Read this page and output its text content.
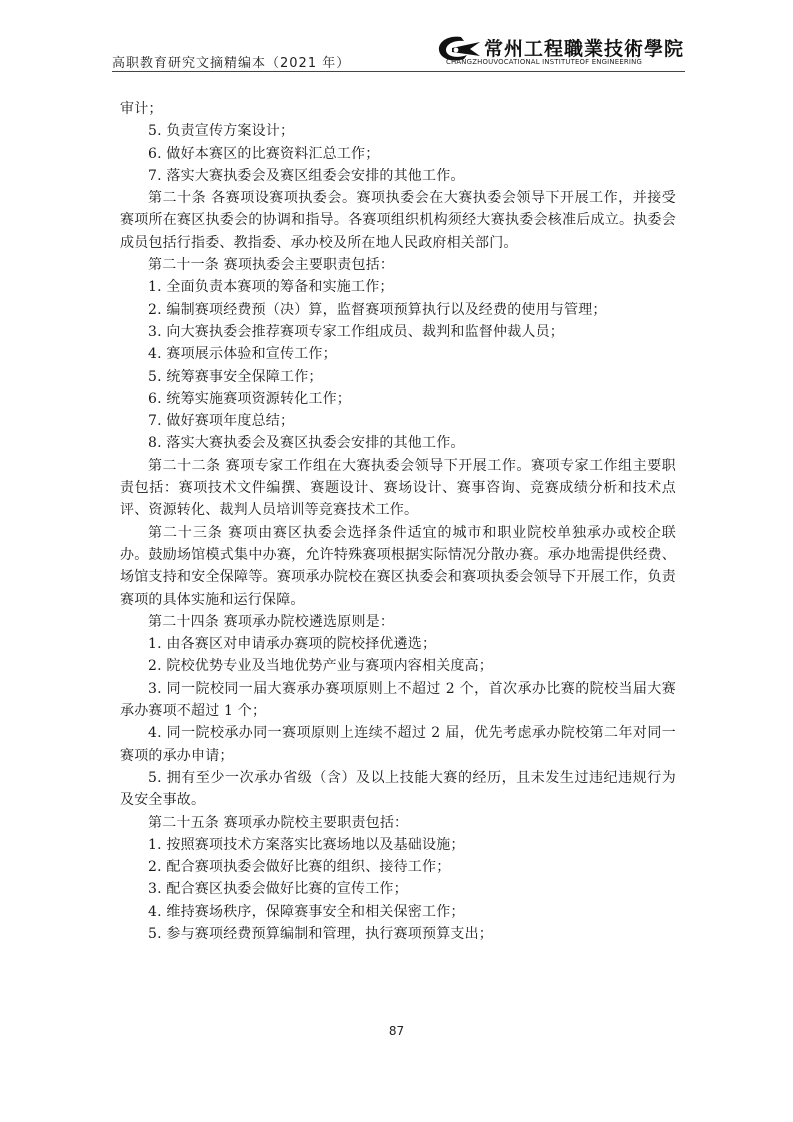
高职教育研究文摘精编本（2021 年）
常州工程職業技術學院
CHANGZHOUVOCATIONAL INSTITUTEOF ENGINEERING

审计；

5. 负责宣传方案设计；

6. 做好本赛区的比赛资料汇总工作；

7. 落实大赛执委会及赛区组委会安排的其他工作。

第二十条 各赛项设赛项执委会。赛项执委会在大赛执委会领导下开展工作，并接受赛项所在赛区执委会的协调和指导。各赛项组织机构须经大赛执委会核准后成立。执委会成员包括行指委、教指委、承办校及所在地人民政府相关部门。

第二十一条 赛项执委会主要职责包括：

1. 全面负责本赛项的筹备和实施工作；

2. 编制赛项经费预（决）算，监督赛项预算执行以及经费的使用与管理；

3. 向大赛执委会推荐赛项专家工作组成员、裁判和监督仲裁人员；

4. 赛项展示体验和宣传工作；

5. 统筹赛事安全保障工作；

6. 统筹实施赛项资源转化工作；

7. 做好赛项年度总结；

8. 落实大赛执委会及赛区执委会安排的其他工作。

第二十二条 赛项专家工作组在大赛执委会领导下开展工作。赛项专家工作组主要职责包括：赛项技术文件编撰、赛题设计、赛场设计、赛事咨询、竞赛成绩分析和技术点评、资源转化、裁判人员培训等竞赛技术工作。

第二十三条 赛项由赛区执委会选择条件适宜的城市和职业院校单独承办或校企联办。鼓励场馆模式集中办赛，允许特殊赛项根据实际情况分散办赛。承办地需提供经费、场馆支持和安全保障等。赛项承办院校在赛区执委会和赛项执委会领导下开展工作，负责赛项的具体实施和运行保障。

第二十四条 赛项承办院校遴选原则是：

1. 由各赛区对申请承办赛项的院校择优遴选；

2. 院校优势专业及当地优势产业与赛项内容相关度高；

3. 同一院校同一届大赛承办赛项原则上不超过 2 个，首次承办比赛的院校当届大赛承办赛项不超过 1 个；

4. 同一院校承办同一赛项原则上连续不超过 2 届，优先考虑承办院校第二年对同一赛项的承办申请；

5. 拥有至少一次承办省级（含）及以上技能大赛的经历，且未发生过违纪违规行为及安全事故。

第二十五条 赛项承办院校主要职责包括：

1. 按照赛项技术方案落实比赛场地以及基础设施；

2. 配合赛项执委会做好比赛的组织、接待工作；

3. 配合赛区执委会做好比赛的宣传工作；

4. 维持赛场秩序，保障赛事安全和相关保密工作；

5. 参与赛项经费预算编制和管理，执行赛项预算支出；

87
